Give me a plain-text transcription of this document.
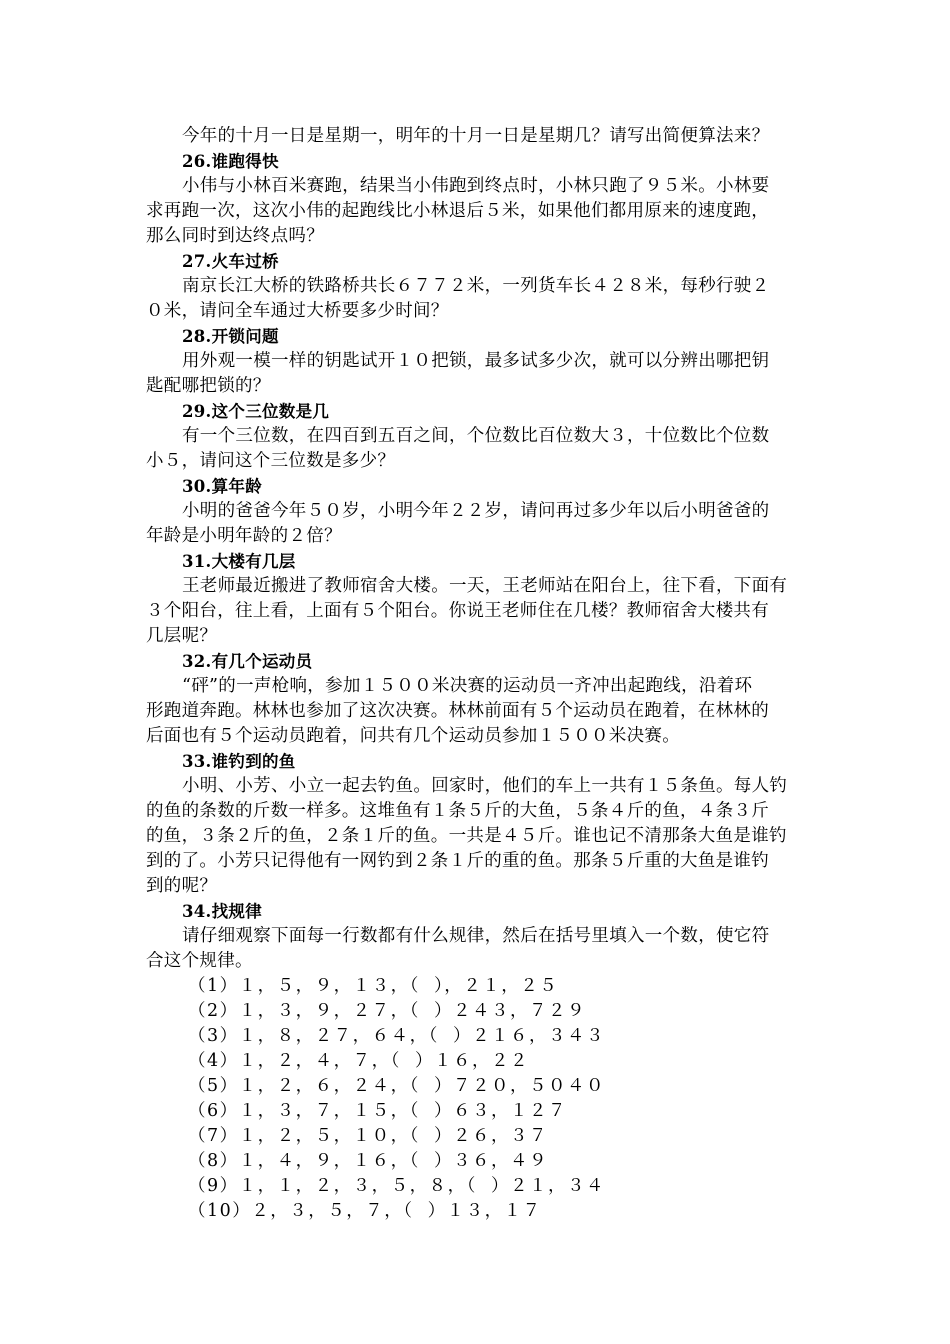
今年的十月一日是星期一，明年的十月一日是星期几？请写出简便算法来？
26.谁跑得快
小伟与小林百米赛跑，结果当小伟跑到终点时，小林只跑了９５米。小林要
求再跑一次，这次小伟的起跑线比小林退后５米，如果他们都用原来的速度跑，
那么同时到达终点吗？
27.火车过桥
南京长江大桥的铁路桥共长６７７２米，一列货车长４２８米，每秒行驶２
０米，请问全车通过大桥要多少时间？
28.开锁问题
用外观一模一样的钥匙试开１０把锁，最多试多少次，就可以分辨出哪把钥
匙配哪把锁的？
29.这个三位数是几
有一个三位数，在四百到五百之间，个位数比百位数大３，十位数比个位数
小５，请问这个三位数是多少？
30.算年龄
小明的爸爸今年５０岁，小明今年２２岁，请问再过多少年以后小明爸爸的
年龄是小明年龄的２倍？
31.大楼有几层
王老师最近搬进了教师宿舍大楼。一天，王老师站在阳台上，往下看，下面有
３个阳台，往上看，上面有５个阳台。你说王老师住在几楼？教师宿舍大楼共有
几层呢？
32.有几个运动员
“砰”的一声枪响，参加１５００米决赛的运动员一齐冲出起跑线，沿着环
形跑道奔跑。林林也参加了这次决赛。林林前面有５个运动员在跑着，在林林的
后面也有５个运动员跑着，问共有几个运动员参加１５００米决赛。
33.谁钓到的鱼
小明、小芳、小立一起去钓鱼。回家时，他们的车上一共有１５条鱼。每人钓
的鱼的条数的斤数一样多。这堆鱼有１条５斤的大鱼，５条４斤的鱼，４条３斤
的鱼，３条２斤的鱼，２条１斤的鱼。一共是４５斤。谁也记不清那条大鱼是谁钓
到的了。小芳只记得他有一网钓到２条１斤的重的鱼。那条５斤重的大鱼是谁钓
到的呢？
34.找规律
请仔细观察下面每一行数都有什么规律，然后在括号里填入一个数，使它符
合这个规律。
（1）１，５，９，１３，（  ），２１，２５
（2）１，３，９，２７，（  ）２４３，７２９
（3）１，８，２７，６４，（  ）２１６，３４３
（4）１，２，４，７，（  ）１６，２２
（5）１，２，６，２４，（  ）７２０，５０４０
（6）１，３，７，１５，（  ）６３，１２７
（7）１，２，５，１０，（  ）２６，３７
（8）１，４，９，１６，（  ）３６，４９
（9）１，１，２，３，５，８，（  ）２１，３４
（10）２，３，５，７，（  ）１３，１７
